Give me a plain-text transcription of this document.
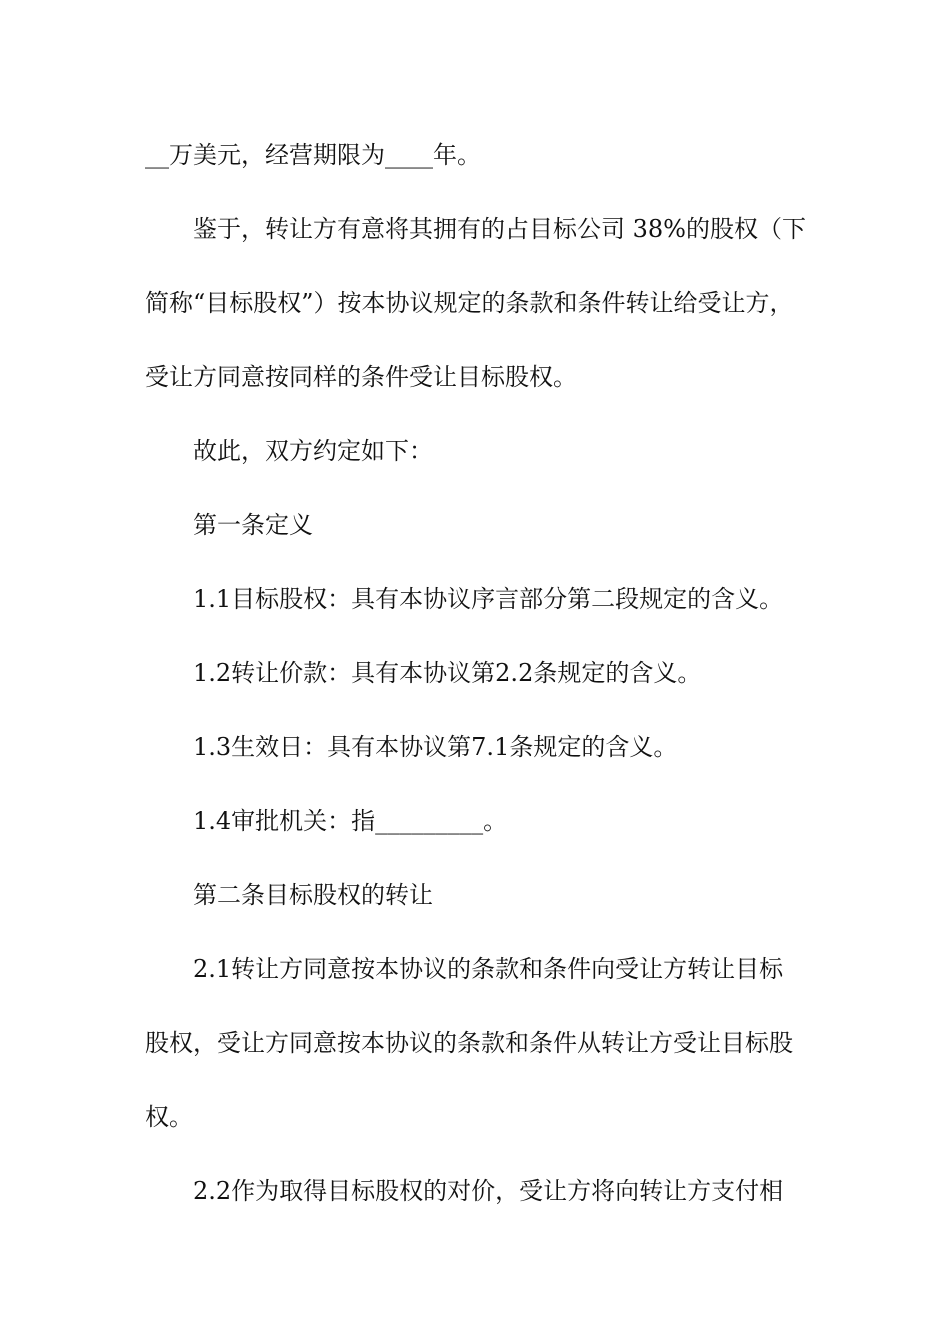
__万美元，经营期限为____年。
鉴于，转让方有意将其拥有的占目标公司 38%的股权（下
简称“目标股权”）按本协议规定的条款和条件转让给受让方，
受让方同意按同样的条件受让目标股权。
故此，双方约定如下：
第一条定义
1.1目标股权：具有本协议序言部分第二段规定的含义。
1.2转让价款：具有本协议第2.2条规定的含义。
1.3生效日：具有本协议第7.1条规定的含义。
1.4审批机关：指_________。
第二条目标股权的转让
2.1转让方同意按本协议的条款和条件向受让方转让目标
股权，受让方同意按本协议的条款和条件从转让方受让目标股
权。
2.2作为取得目标股权的对价，受让方将向转让方支付相
